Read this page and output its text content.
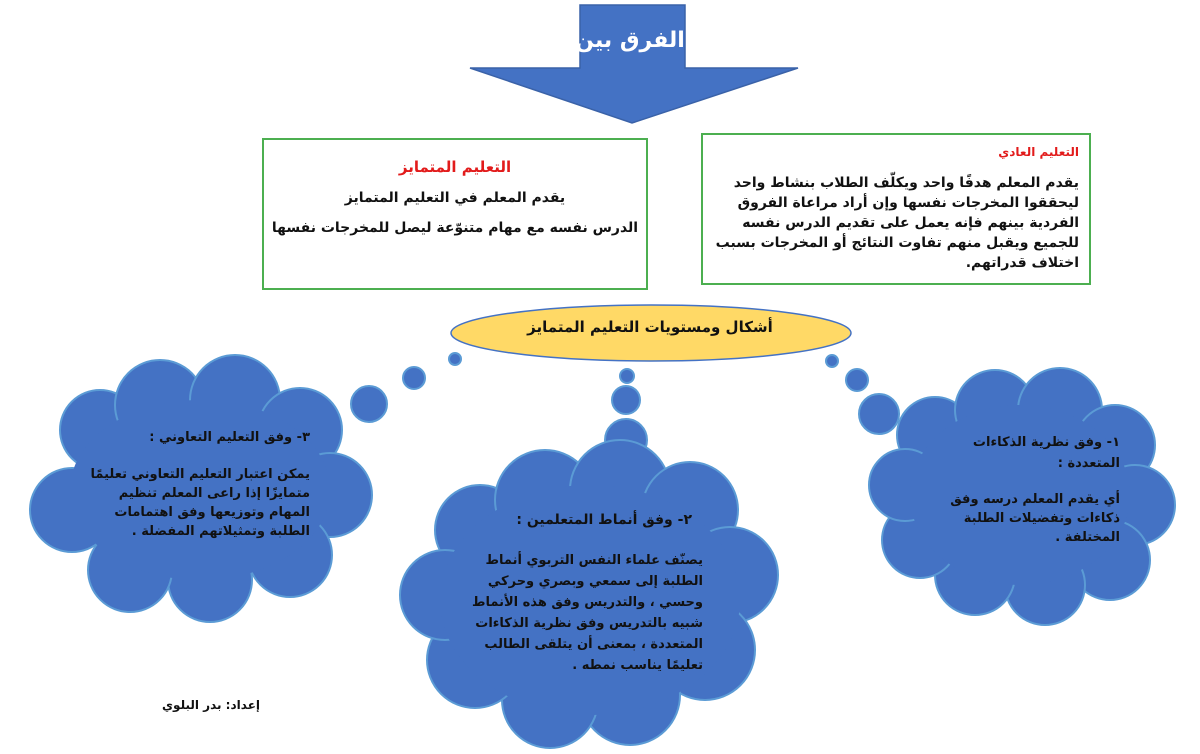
الفرق بين
التعليم المتمايز
يقدم المعلم في التعليم المتمايز
الدرس نفسه مع مهام متنوّعة ليصل للمخرجات نفسها
التعليم العادي
يقدم المعلم هدفًا واحد ويكلّف الطلاب بنشاط واحد ليحققوا المخرجات نفسها وإن أراد مراعاة الفروق الفردية بينهم فإنه يعمل على تقديم الدرس نفسه للجميع ويقبل منهم تفاوت النتائج أو المخرجات بسبب اختلاف قدراتهم.
أشكال ومستويات التعليم المتمايز
٣- وفق التعليم التعاوني :
يمكن اعتبار التعليم التعاوني تعليمًا متمايزًا إذا راعى المعلم تنظيم المهام وتوزيعها وفق اهتمامات الطلبة وتمثيلاتهم المفضلة .
٢- وفق أنماط المتعلمين :
يصنّف علماء النفس التربوي أنماط الطلبة إلى سمعي وبصري وحركي وحسي ، والتدريس وفق هذه الأنماط شبيه بالتدريس وفق نظرية الذكاءات المتعددة ، بمعنى أن يتلقى الطالب تعليمًا يناسب نمطه .
١- وفق نظرية الذكاءات المتعددة :
أي يقدم المعلم درسه وفق ذكاءات وتفضيلات الطلبة المختلفة .
إعداد: بدر البلوي
